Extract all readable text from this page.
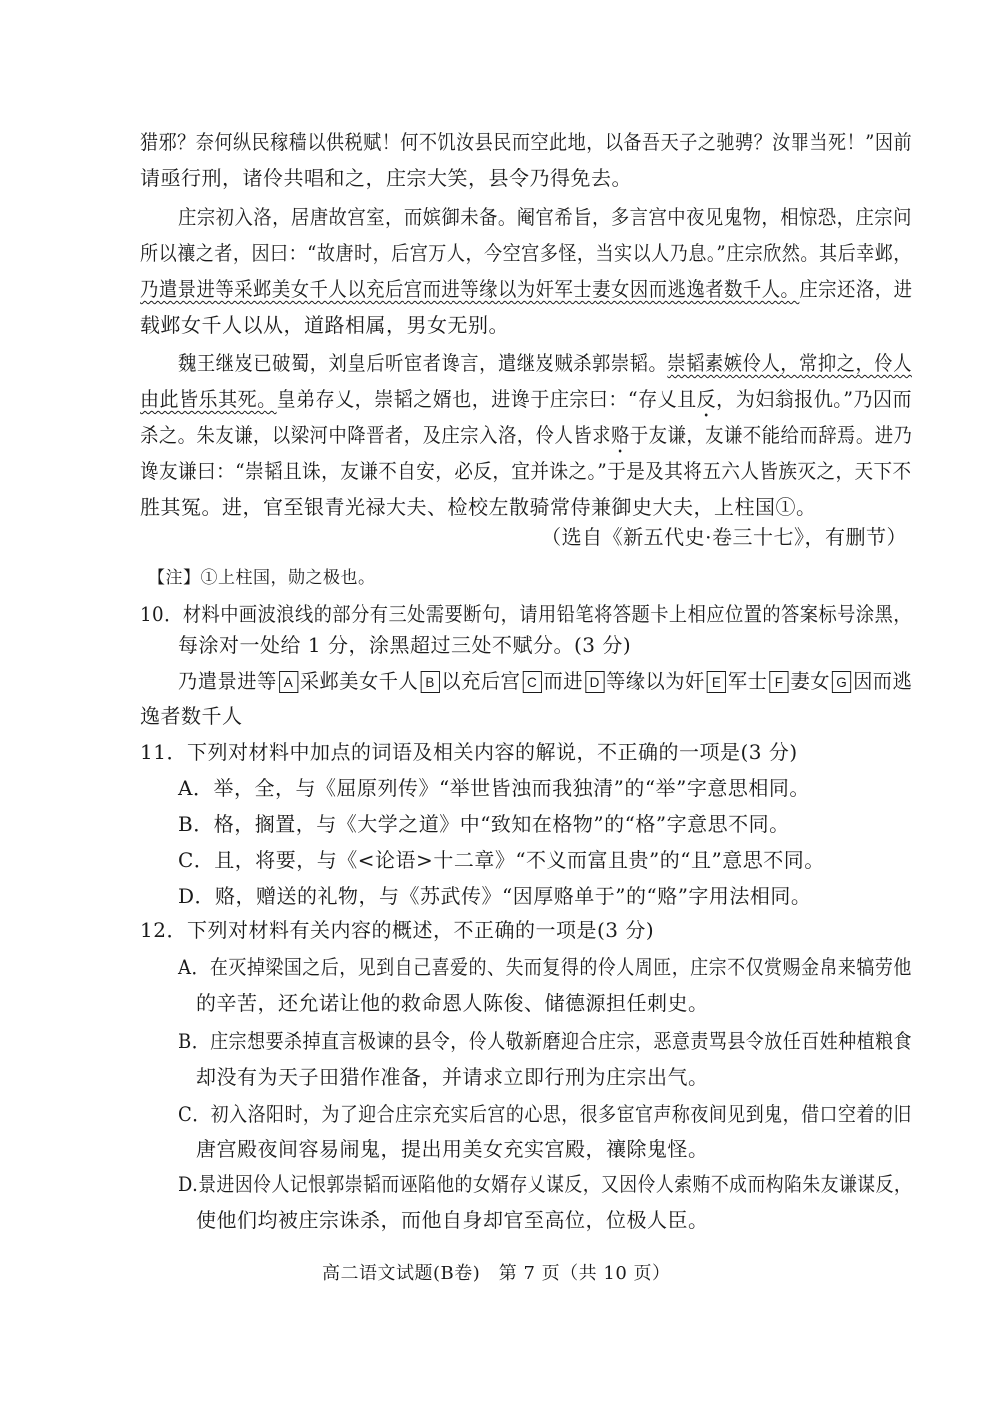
猎邪？奈何纵民稼穑以供税赋！何不饥汝县民而空此地，以备吾天子之驰骋？汝罪当死！”因前
请亟行刑，诸伶共唱和之，庄宗大笑，县令乃得免去。
庄宗初入洛，居唐故宫室，而嫔御未备。阉官希旨，多言宫中夜见鬼物，相惊恐，庄宗问
所以禳之者，因曰：“故唐时，后宫万人，今空宫多怪，当实以人乃息。”庄宗欣然。其后幸邺，
乃遣景进等采邺美女千人以充后宫而进等缘以为奸军士妻女因而逃逸者数千人。庄宗还洛，进
载邺女千人以从，道路相属，男女无别。
魏王继岌已破蜀，刘皇后听宦者谗言，遣继岌贼杀郭崇韬。崇韬素嫉伶人，常抑之，伶人
由此皆乐其死。皇弟存乂，崇韬之婿也，进谗于庄宗曰：“存乂且反，为妇翁报仇。”乃囚而
杀之。朱友谦，以梁河中降晋者，及庄宗入洛，伶人皆求赂于友谦，友谦不能给而辞焉。进乃
谗友谦曰：“崇韬且诛，友谦不自安，必反，宜并诛之。”于是及其将五六人皆族灭之，天下不
胜其冤。进，官至银青光禄大夫、检校左散骑常侍兼御史大夫，上柱国①。
（选自《新五代史·卷三十七》，有删节）
【注】①上柱国，勋之极也。
10．材料中画波浪线的部分有三处需要断句，请用铅笔将答题卡上相应位置的答案标号涂黑，
每涂对一处给 1 分，涂黑超过三处不赋分。(3 分)
乃遣景进等 A 采邺美女千人 B 以充后宫 C 而进 D 等缘以为奸 E 军士 F 妻女 G 因而逃
逸者数千人
11．下列对材料中加点的词语及相关内容的解说，不正确的一项是(3 分)
A．举，全，与《屈原列传》“举世皆浊而我独清”的“举”字意思相同。
B．格，搁置，与《大学之道》中“致知在格物”的“格”字意思不同。
C．且，将要，与《<论语>十二章》“不义而富且贵”的“且”意思不同。
D．赂，赠送的礼物，与《苏武传》“因厚赂单于”的“赂”字用法相同。
12．下列对材料有关内容的概述，不正确的一项是(3 分)
A．在灭掉梁国之后，见到自己喜爱的、失而复得的伶人周匝，庄宗不仅赏赐金帛来犒劳他
的辛苦，还允诺让他的救命恩人陈俊、储德源担任刺史。
B．庄宗想要杀掉直言极谏的县令，伶人敬新磨迎合庄宗，恶意责骂县令放任百姓种植粮食
却没有为天子田猎作准备，并请求立即行刑为庄宗出气。
C．初入洛阳时，为了迎合庄宗充实后宫的心思，很多宦官声称夜间见到鬼，借口空着的旧
唐宫殿夜间容易闹鬼，提出用美女充实宫殿，禳除鬼怪。
D.景进因伶人记恨郭崇韬而诬陷他的女婿存乂谋反，又因伶人索贿不成而构陷朱友谦谋反，
使他们均被庄宗诛杀，而他自身却官至高位，位极人臣。
高二语文试题(B卷)　第 7 页（共 10 页）
